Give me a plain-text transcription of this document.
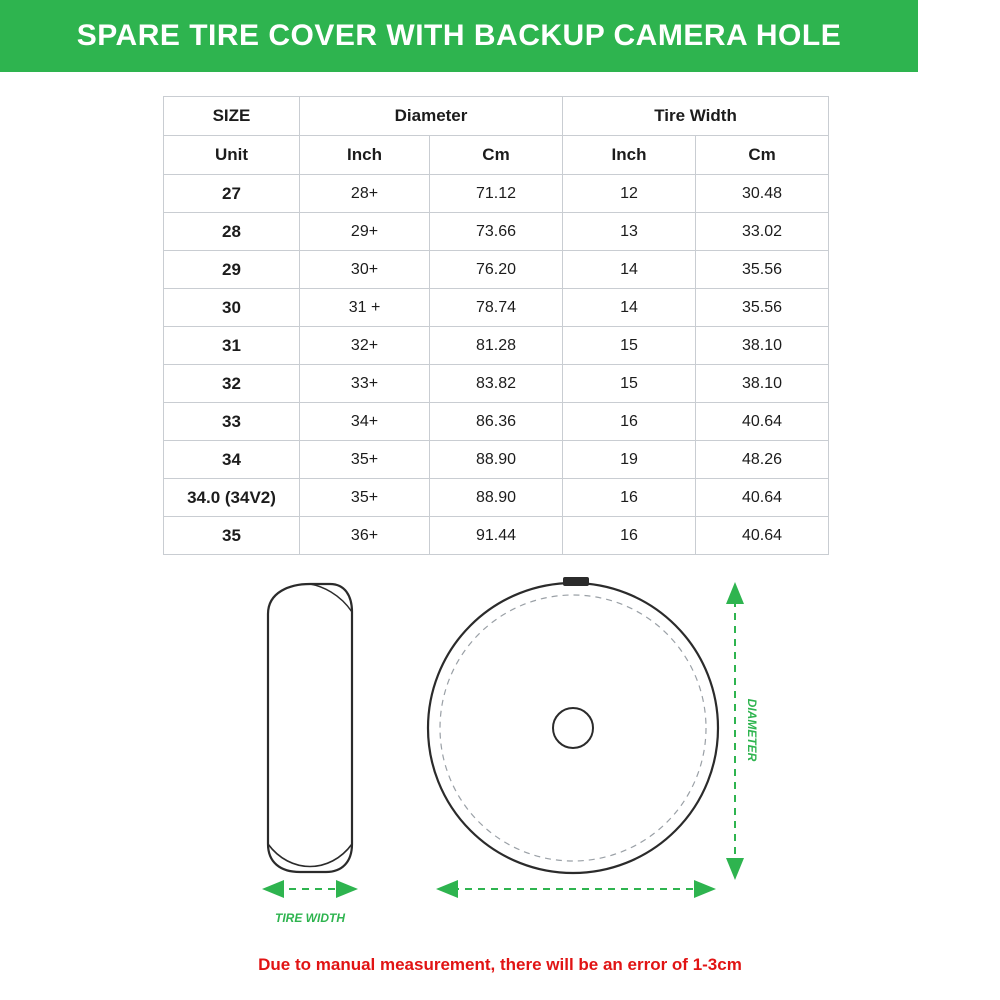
SPARE TIRE COVER WITH BACKUP CAMERA HOLE
SIZE	Diameter		Tire Width	
Unit	Inch	Cm	Inch	Cm
27	28+	71.12	12	30.48
28	29+	73.66	13	33.02
29	30+	76.20	14	35.56
30	31 +	78.74	14	35.56
31	32+	81.28	15	38.10
32	33+	83.82	15	38.10
33	34+	86.36	16	40.64
34	35+	88.90	19	48.26
34.0 (34V2)	35+	88.90	16	40.64
35	36+	91.44	16	40.64
DIAMETER
TIRE WIDTH
Due to manual measurement, there will be an error of 1-3cm
